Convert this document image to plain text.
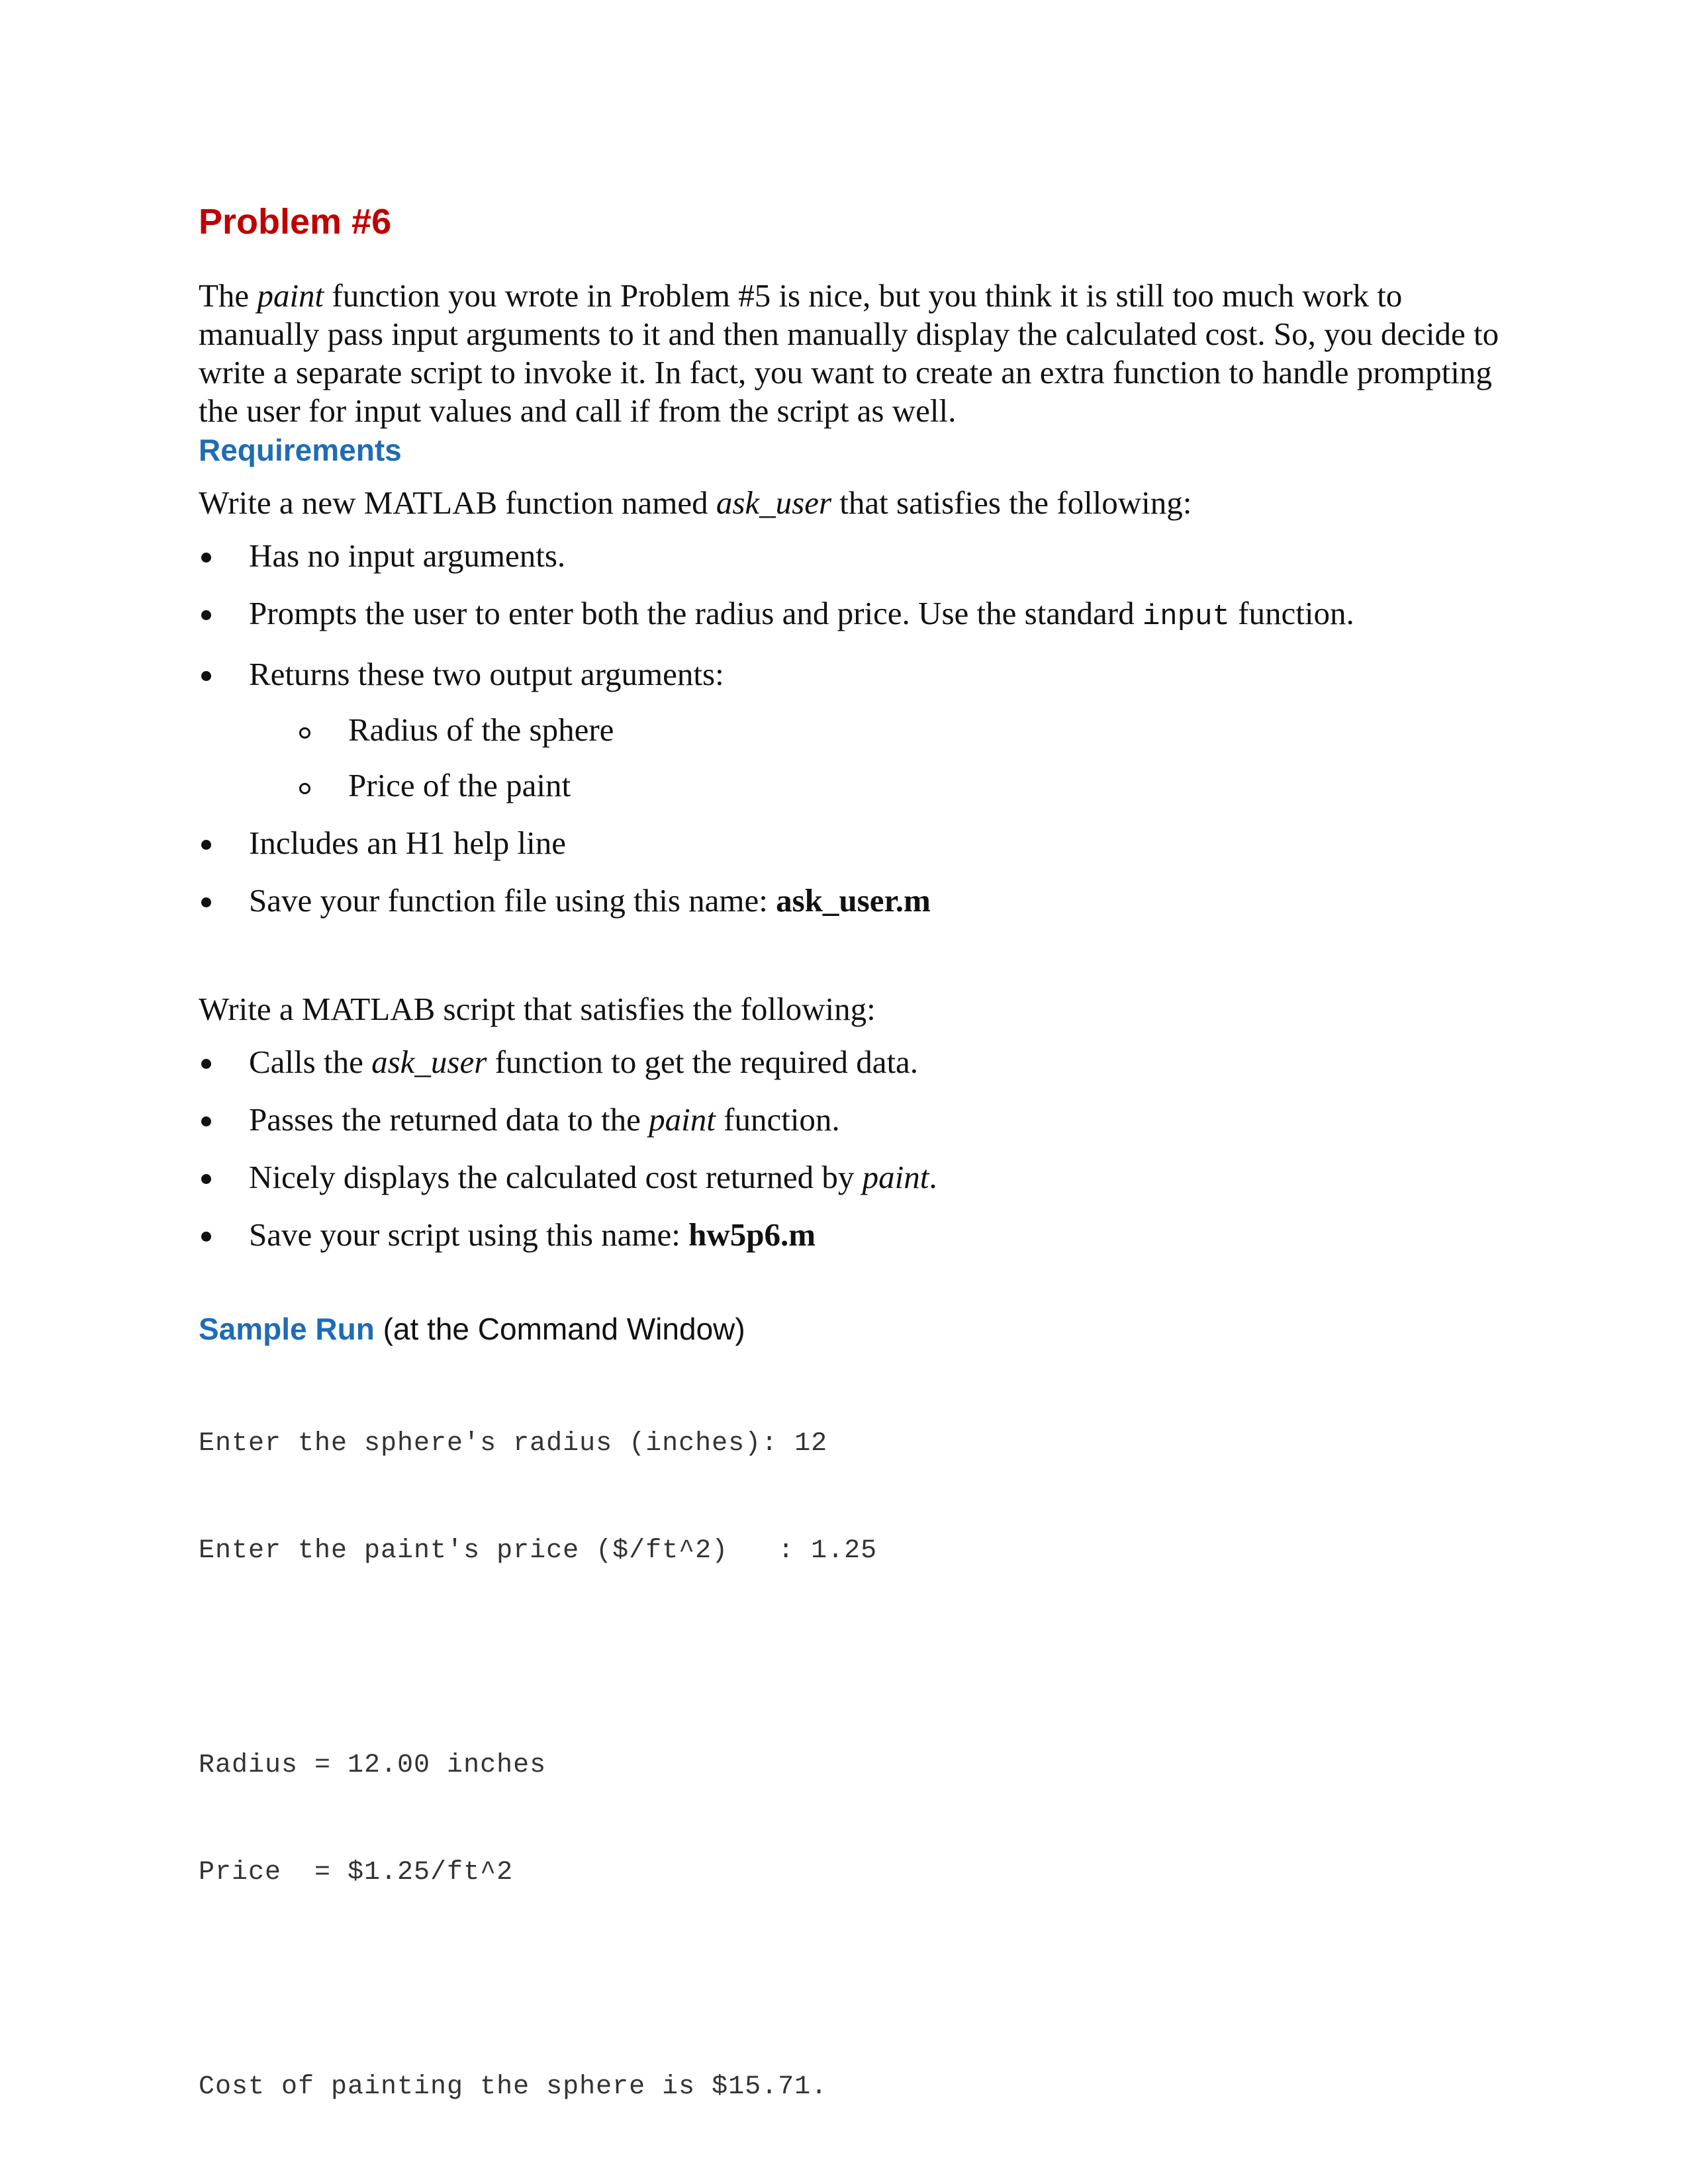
Problem #6

The paint function you wrote in Problem #5 is nice, but you think it is still too much work to manually pass input arguments to it and then manually display the calculated cost. So, you decide to write a separate script to invoke it. In fact, you want to create an extra function to handle prompting the user for input values and call if from the script as well.

Requirements

Write a new MATLAB function named ask_user that satisfies the following:

Has no input arguments.
Prompts the user to enter both the radius and price. Use the standard input function.
Returns these two output arguments:
Radius of the sphere
Price of the paint
Includes an H1 help line
Save your function file using this name: ask_user.m

Write a MATLAB script that satisfies the following:

Calls the ask_user function to get the required data.
Passes the returned data to the paint function.
Nicely displays the calculated cost returned by paint.
Save your script using this name: hw5p6.m
Sample Run (at the Command Window)

Enter the sphere's radius (inches): 12

Enter the paint's price ($/ft^2)   : 1.25

Radius = 12.00 inches

Price  = $1.25/ft^2

Cost of painting the sphere is $15.71.
